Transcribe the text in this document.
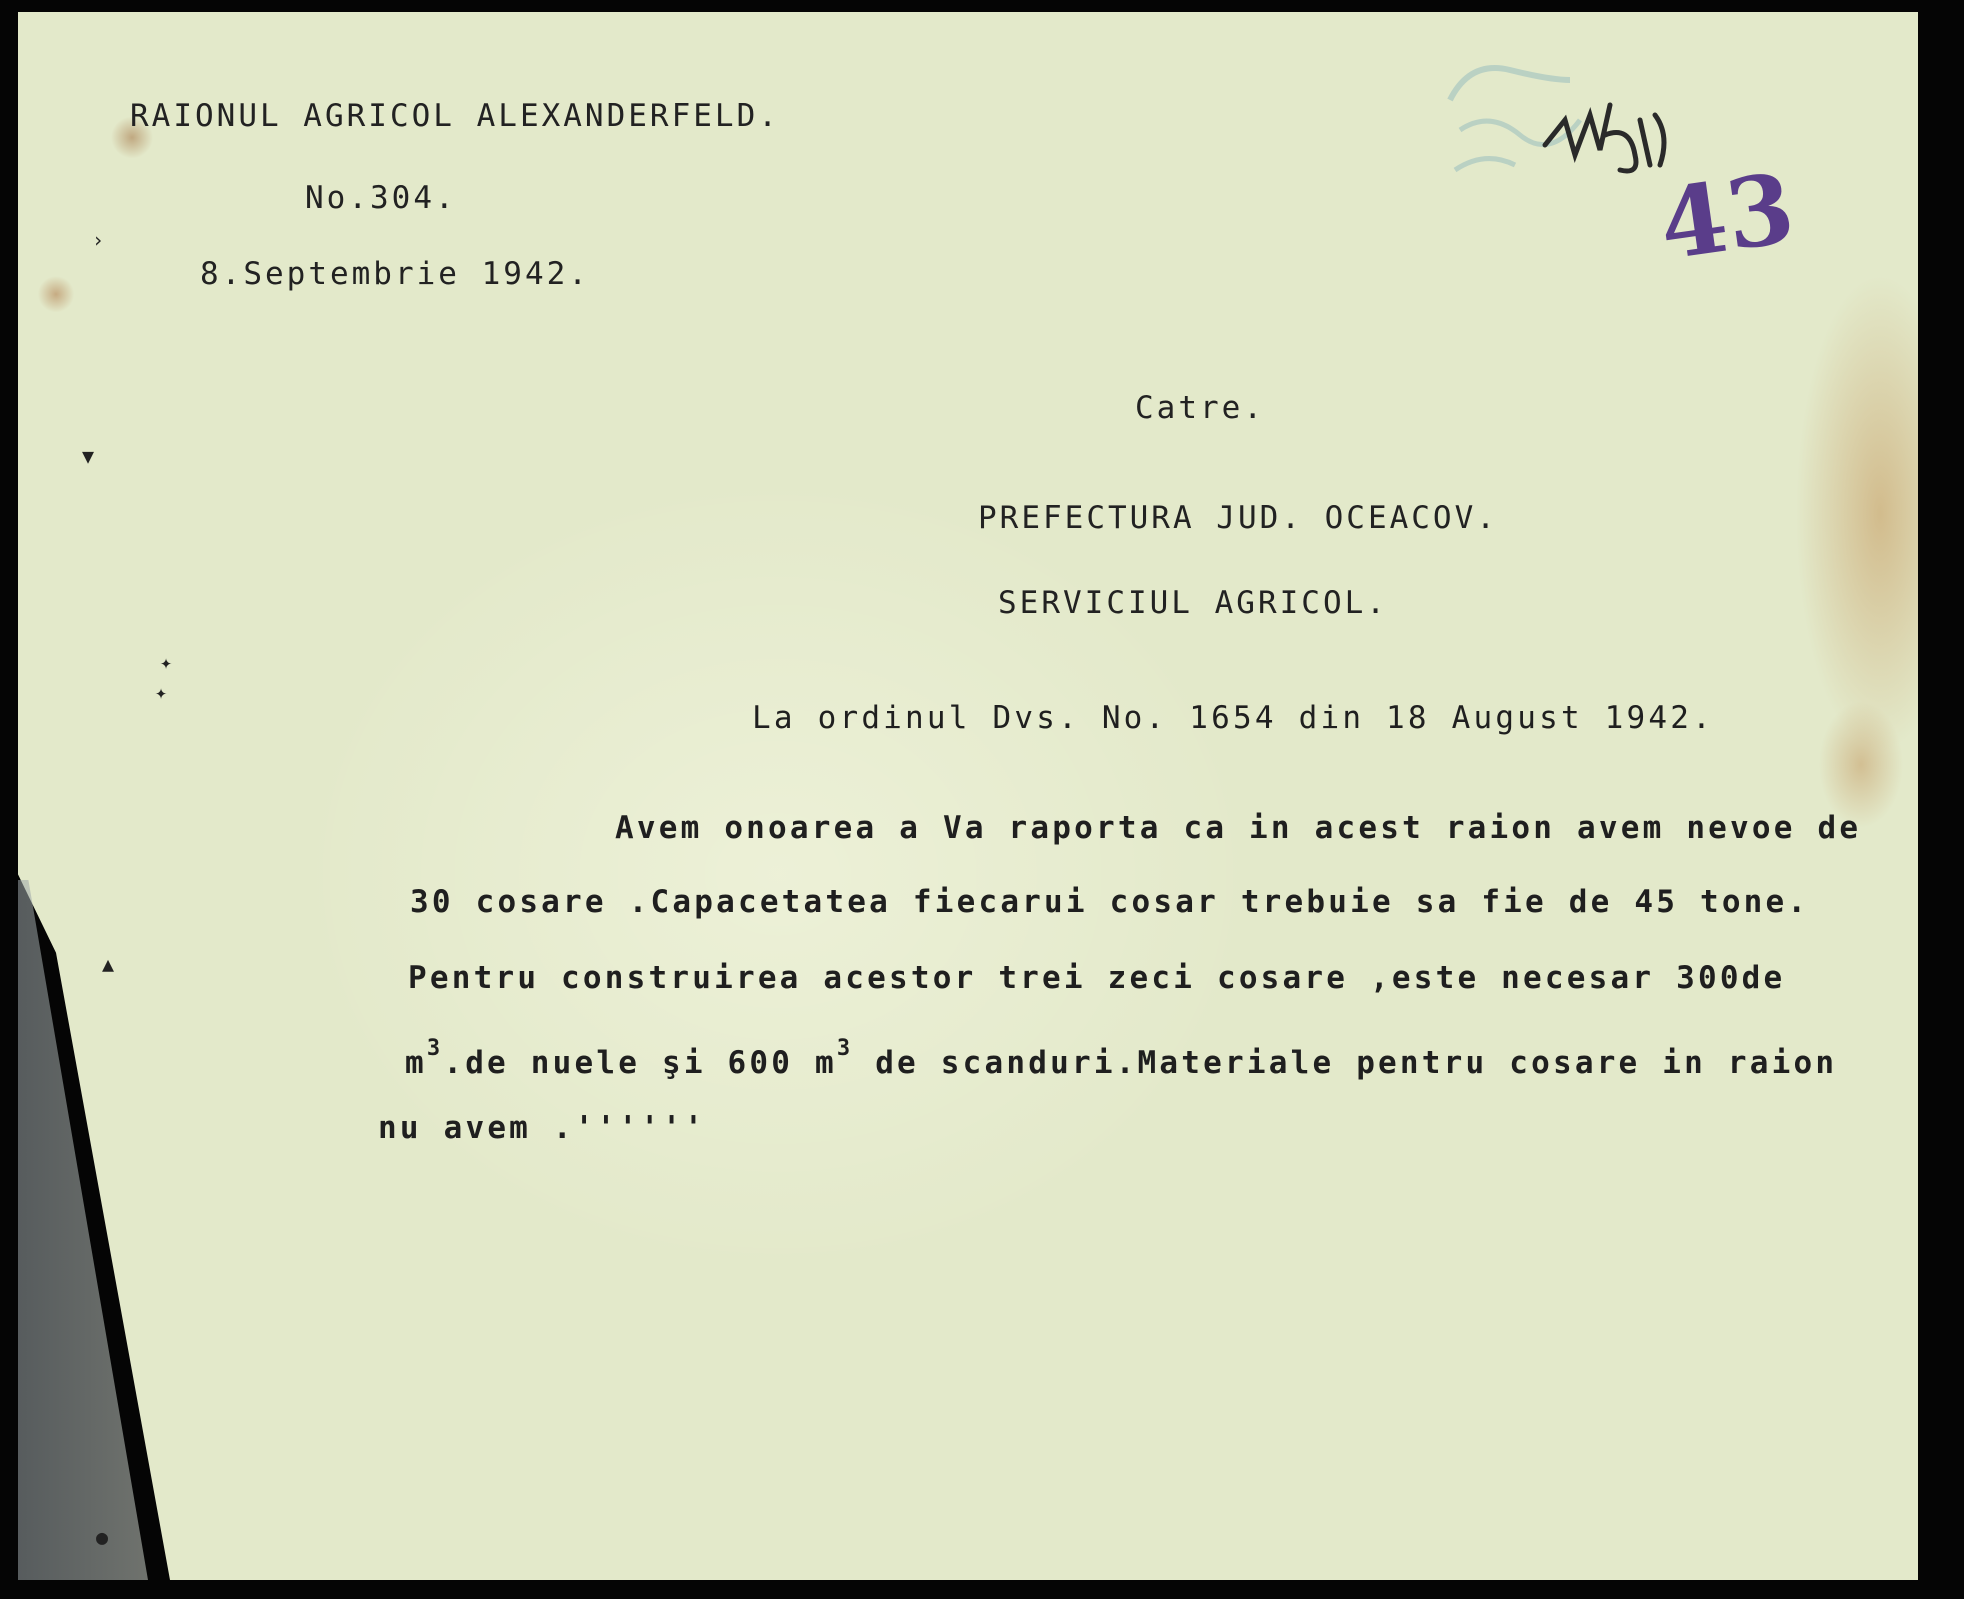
43
RAIONUL AGRICOL ALEXANDERFELD.
No.304.
8.Septembrie 1942.
Catre.
PREFECTURA JUD. OCEACOV.
SERVICIUL AGRICOL.
La ordinul Dvs. No. 1654 din 18 August 1942.
Avem onoarea a Va raporta ca in acest raion avem nevoe de
30 cosare .Capacetatea fiecarui cosar trebuie sa fie de 45 tone.
Pentru construirea acestor trei zeci cosare ,este necesar 300de
$m^3.de$ nuele şi 600 $m^3$ de scanduri.Materiale pentru cosare in raion
nu avem .''''''
›
▼
✦
✦
▲
●
